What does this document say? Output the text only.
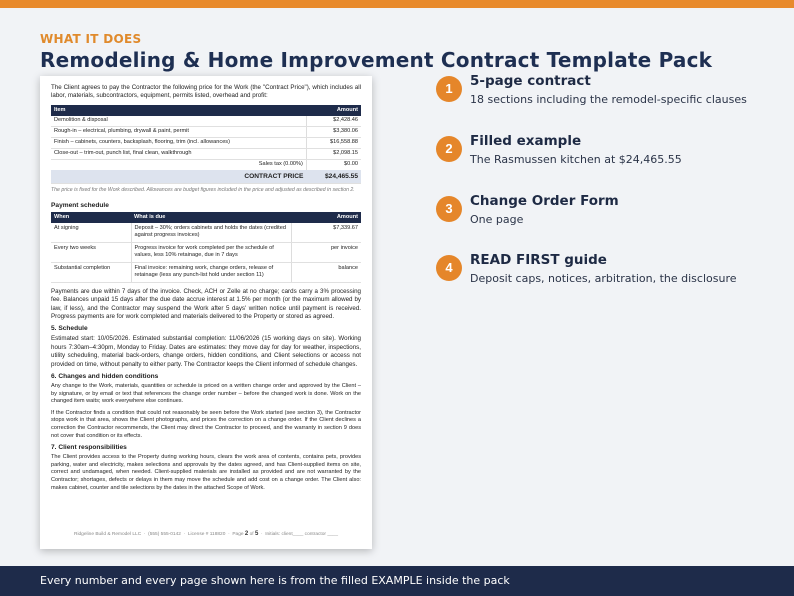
WHAT IT DOES
Remodeling & Home Improvement Contract Template Pack
The Client agrees to pay the Contractor the following price for the Work (the "Contract Price"), which includes all labor, materials, subcontractors, equipment, permits listed, overhead and profit:
Item	Amount
Demolition & disposal	$2,428.46
Rough-in – electrical, plumbing, drywall & paint, permit	$3,380.06
Finish – cabinets, counters, backsplash, flooring, trim (incl. allowances)	$16,558.88
Close-out – trim-out, punch list, final clean, walkthrough	$2,098.15
Sales tax (0.00%)	$0.00
CONTRACT PRICE	$24,465.55
The price is fixed for the Work described. Allowances are budget figures included in the price and adjusted as described in section 2.
Payment schedule
When	What is due	Amount
At signing	Deposit – 30%; orders cabinets and holds the dates (credited against progress invoices)	$7,339.67
Every two weeks	Progress invoice for work completed per the schedule of values, less 10% retainage, due in 7 days	per invoice
Substantial completion	Final invoice: remaining work, change orders, release of retainage (less any punch-list hold under section 11)	balance
Payments are due within 7 days of the invoice. Check, ACH or Zelle at no charge; cards carry a 3% processing fee. Balances unpaid 15 days after the due date accrue interest at 1.5% per month (or the maximum allowed by law, if less), and the Contractor may suspend the Work after 5 days' written notice until payment is received. Progress payments are for work completed and materials delivered to the Property or stored as agreed.
5. Schedule
Estimated start: 10/05/2026. Estimated substantial completion: 11/06/2026 (15 working days on site). Working hours 7:30am–4:30pm, Monday to Friday. Dates are estimates: they move day for day for weather, inspections, utility scheduling, material back-orders, change orders, hidden conditions, and Client selections or access not provided on time, without penalty to either party. The Contractor keeps the Client informed of schedule changes.
6. Changes and hidden conditions
Any change to the Work, materials, quantities or schedule is priced on a written change order and approved by the Client – by signature, or by email or text that references the change order number – before the changed work is done. Work on the changed item waits; work everywhere else continues.
If the Contractor finds a condition that could not reasonably be seen before the Work started (see section 3), the Contractor stops work in that area, shows the Client photographs, and prices the correction on a change order. If the Client declines a correction the Contractor recommends, the Client may direct the Contractor to proceed, and the warranty in section 9 does not cover that condition or its effects.
7. Client responsibilities
The Client provides access to the Property during working hours, clears the work area of contents, contains pets, provides parking, water and electricity, makes selections and approvals by the dates agreed, and has Client-supplied items on site, correct and undamaged, when needed. Client-supplied materials are installed as provided and are not warranted by the Contractor; shortages, defects or delays in them may move the schedule and add cost on a change order. The Client also: makes cabinet, counter and tile selections by the dates in the attached Scope of Work.
Ridgeline Build & Remodel LLC  ·  (555) 555-0142  ·  License # 118820  ·  Page 2 of 5  ·  Initials: client____ contractor ____
1	5-page contract
18 sections including the remodel-specific clauses
2	Filled example
The Rasmussen kitchen at $24,465.55
3	Change Order Form
One page
4	READ FIRST guide
Deposit caps, notices, arbitration, the disclosure
Every number and every page shown here is from the filled EXAMPLE inside the pack
